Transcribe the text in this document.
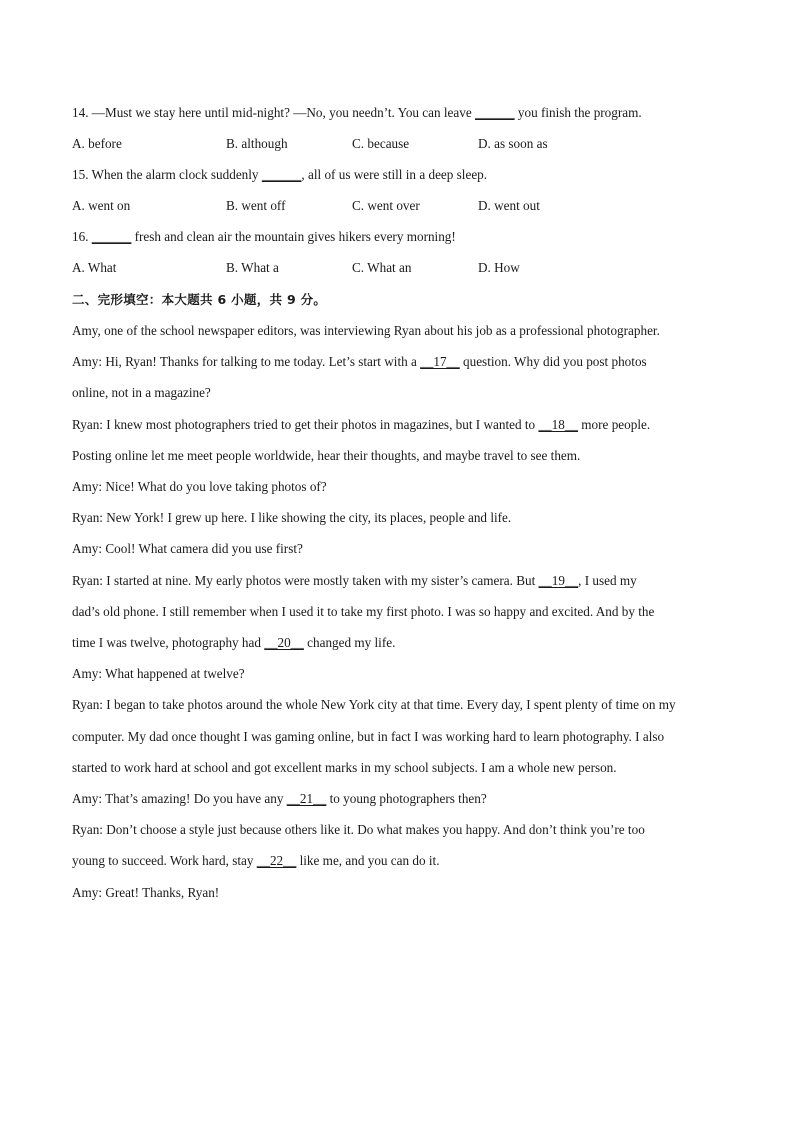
14. —Must we stay here until mid-night? —No, you needn’t. You can leave ______ you finish the program.
A. before	B. although	C. because	D. as soon as
15. When the alarm clock suddenly ______, all of us were still in a deep sleep.
A. went on	B. went off	C. went over	D. went out
16. ______ fresh and clean air the mountain gives hikers every morning!
A. What	B. What a	C. What an	D. How
二、完形填空：本大题共 6 小题，共 9 分。
Amy, one of the school newspaper editors, was interviewing Ryan about his job as a professional photographer.
Amy: Hi, Ryan! Thanks for talking to me today. Let’s start with a __17__ question. Why did you post photos
online, not in a magazine?
Ryan: I knew most photographers tried to get their photos in magazines, but I wanted to __18__ more people.
Posting online let me meet people worldwide, hear their thoughts, and maybe travel to see them.
Amy: Nice! What do you love taking photos of?
Ryan: New York! I grew up here. I like showing the city, its places, people and life.
Amy: Cool! What camera did you use first?
Ryan: I started at nine. My early photos were mostly taken with my sister’s camera. But __19__, I used my
dad’s old phone. I still remember when I used it to take my first photo. I was so happy and excited. And by the
time I was twelve, photography had __20__ changed my life.
Amy: What happened at twelve?
Ryan: I began to take photos around the whole New York city at that time. Every day, I spent plenty of time on my
computer. My dad once thought I was gaming online, but in fact I was working hard to learn photography. I also
started to work hard at school and got excellent marks in my school subjects. I am a whole new person.
Amy: That’s amazing! Do you have any __21__ to young photographers then?
Ryan: Don’t choose a style just because others like it. Do what makes you happy. And don’t think you’re too
young to succeed. Work hard, stay __22__ like me, and you can do it.
Amy: Great! Thanks, Ryan!
